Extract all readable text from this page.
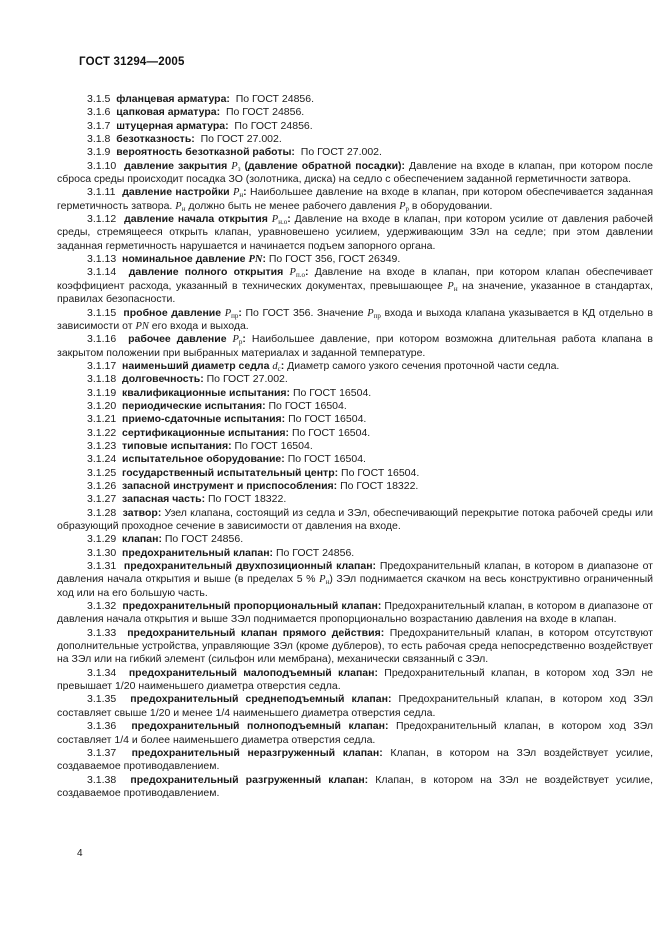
ГОСТ 31294—2005

3.1.5  фланцевая арматура:  По ГОСТ 24856.

3.1.6  цапковая арматура:  По ГОСТ 24856.

3.1.7  штуцерная арматура:  По ГОСТ 24856.

3.1.8  безотказность:  По ГОСТ 27.002.

3.1.9  вероятность безотказной работы:  По ГОСТ 27.002.

3.1.10  давление закрытия $P_з$ (давление обратной посадки): Давление на входе в клапан, при котором после сброса среды происходит посадка ЗО (золотника, диска) на седло с обеспечением заданной герметичности затвора.

3.1.11  давление настройки $P_н$: Наибольшее давление на входе в клапан, при котором обеспечивается заданная герметичность затвора. $P_н$ должно быть не менее рабочего давления $P_р$ в оборудовании.

3.1.12  давление начала открытия $P_{н.о}$: Давление на входе в клапан, при котором усилие от давления рабочей среды, стремящееся открыть клапан, уравновешено усилием, удерживающим ЗЭл на седле; при этом давлении заданная герметичность нарушается и начинается подъем запорного органа.

3.1.13  номинальное давление PN: По ГОСТ 356, ГОСТ 26349.

3.1.14  давление полного открытия $P_{п.о}$: Давление на входе в клапан, при котором клапан обеспечивает коэффициент расхода, указанный в технических документах, превышающее $P_н$ на значение, указанное в стандартах, правилах безопасности.

3.1.15  пробное давление $P_{пр}$: По ГОСТ 356. Значение $P_{пр}$ входа и выхода клапана указывается в КД отдельно в зависимости от PN его входа и выхода.

3.1.16  рабочее давление $P_р$: Наибольшее давление, при котором возможна длительная работа клапана в закрытом положении при выбранных материалах и заданной температуре.

3.1.17  наименьший диаметр седла $d_с$: Диаметр самого узкого сечения проточной части седла.

3.1.18  долговечность: По ГОСТ 27.002.

3.1.19  квалификационные испытания: По ГОСТ 16504.

3.1.20  периодические испытания: По ГОСТ 16504.

3.1.21  приемо-сдаточные испытания: По ГОСТ 16504.

3.1.22  сертификационные испытания: По ГОСТ 16504.

3.1.23  типовые испытания: По ГОСТ 16504.

3.1.24  испытательное оборудование: По ГОСТ 16504.

3.1.25  государственный испытательный центр: По ГОСТ 16504.

3.1.26  запасной инструмент и приспособления: По ГОСТ 18322.

3.1.27  запасная часть: По ГОСТ 18322.

3.1.28  затвор: Узел клапана, состоящий из седла и ЗЭл, обеспечивающий перекрытие потока рабочей среды или образующий проходное сечение в зависимости от давления на входе.

3.1.29  клапан: По ГОСТ 24856.

3.1.30  предохранительный клапан: По ГОСТ 24856.

3.1.31  предохранительный двухпозиционный клапан: Предохранительный клапан, в котором в диапазоне от давления начала открытия и выше (в пределах 5 % $P_н$) ЗЭл поднимается скачком на весь конструктивно ограниченный ход или на его большую часть.

3.1.32  предохранительный пропорциональный клапан: Предохранительный клапан, в котором в диапазоне от давления начала открытия и выше ЗЭл поднимается пропорционально возрастанию давления на входе в клапан.

3.1.33  предохранительный клапан прямого действия: Предохранительный клапан, в котором отсутствуют дополнительные устройства, управляющие ЗЭл (кроме дублеров), то есть рабочая среда непосредственно воздействует на ЗЭл или на гибкий элемент (сильфон или мембрана), механически связанный с ЗЭл.

3.1.34  предохранительный малоподъемный клапан: Предохранительный клапан, в котором ход ЗЭл не превышает 1/20 наименьшего диаметра отверстия седла.

3.1.35  предохранительный среднеподъемный клапан: Предохранительный клапан, в котором ход ЗЭл составляет свыше 1/20 и менее 1/4 наименьшего диаметра отверстия седла.

3.1.36  предохранительный полноподъемный клапан: Предохранительный клапан, в котором ход ЗЭл составляет 1/4 и более наименьшего диаметра отверстия седла.

3.1.37  предохранительный неразгруженный клапан: Клапан, в котором на ЗЭл воздействует усилие, создаваемое противодавлением.

3.1.38  предохранительный разгруженный клапан: Клапан, в котором на ЗЭл не воздействует усилие, создаваемое противодавлением.

4
